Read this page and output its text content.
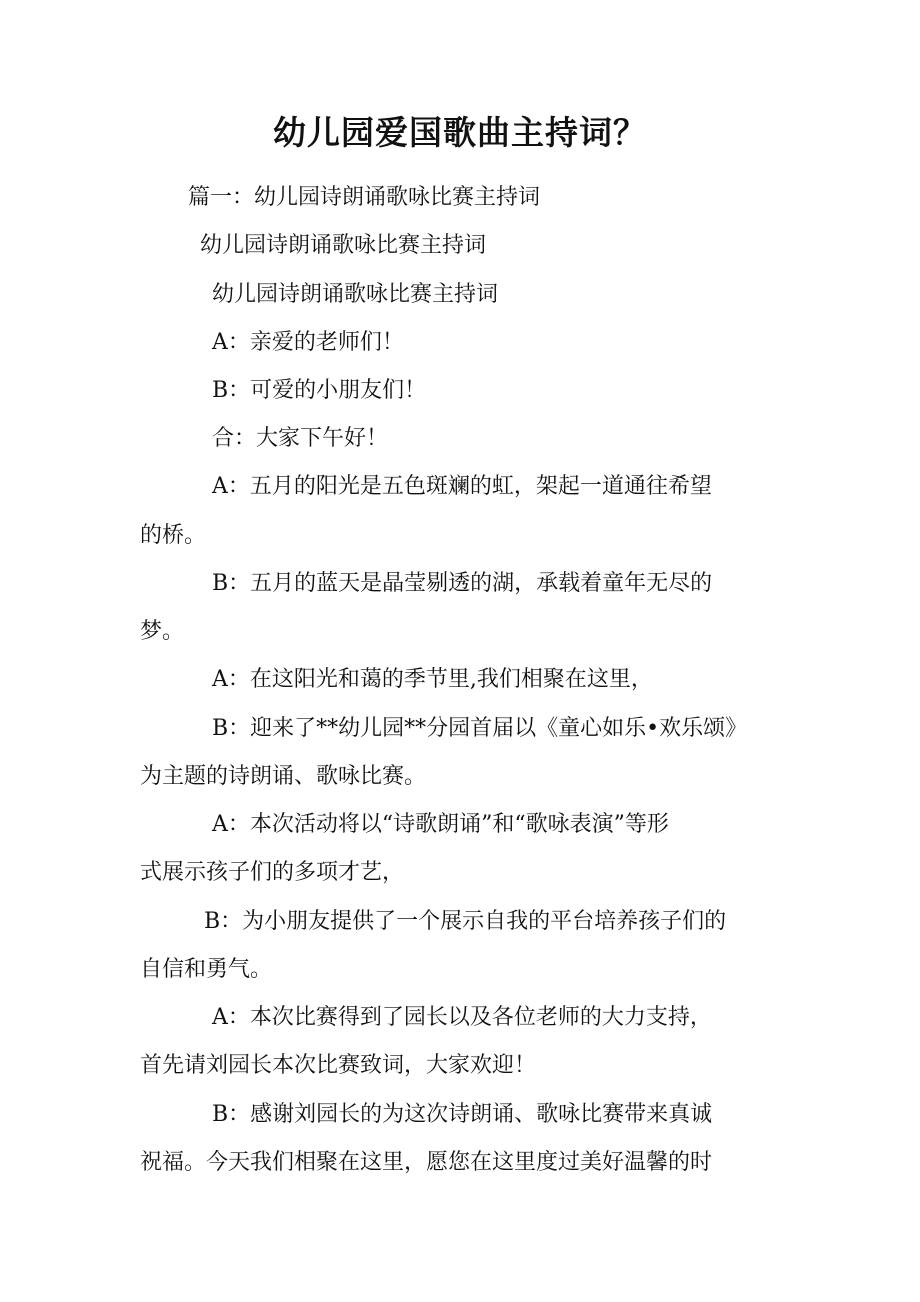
幼儿园爱国歌曲主持词？
篇一：幼儿园诗朗诵歌咏比赛主持词
幼儿园诗朗诵歌咏比赛主持词
幼儿园诗朗诵歌咏比赛主持词
A：亲爱的老师们！
B：可爱的小朋友们！
合：大家下午好！
A：五月的阳光是五色斑斓的虹，架起一道通往希望
的桥。
B：五月的蓝天是晶莹剔透的湖，承载着童年无尽的
梦。
A：在这阳光和蔼的季节里,我们相聚在这里，
B：迎来了**幼儿园**分园首届以《童心如乐•欢乐颂》
为主题的诗朗诵、歌咏比赛。
A：本次活动将以“诗歌朗诵”和“歌咏表演”等形
式展示孩子们的多项才艺，
B：为小朋友提供了一个展示自我的平台培养孩子们的
自信和勇气。
A：本次比赛得到了园长以及各位老师的大力支持，
首先请刘园长本次比赛致词，大家欢迎！
B：感谢刘园长的为这次诗朗诵、歌咏比赛带来真诚
祝福。今天我们相聚在这里，愿您在这里度过美好温馨的时
